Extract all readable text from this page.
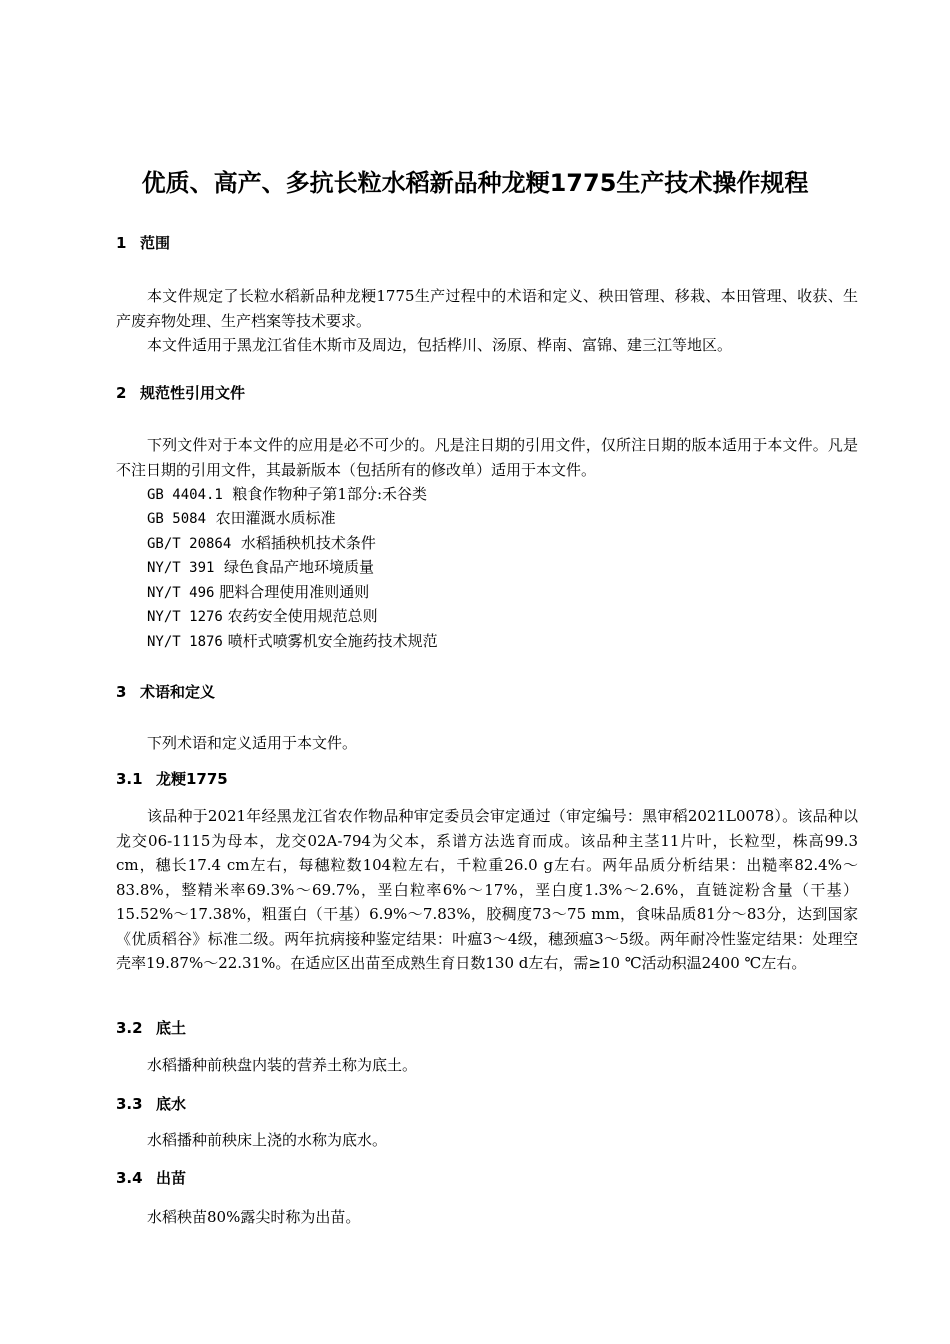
优质、高产、多抗长粒水稻新品种龙粳1775生产技术操作规程
1 范围

本文件规定了长粒水稻新品种龙粳1775生产过程中的术语和定义、秧田管理、移栽、本田管理、收获、生产废弃物处理、生产档案等技术要求。

本文件适用于黑龙江省佳木斯市及周边，包括桦川、汤原、桦南、富锦、建三江等地区。

2 规范性引用文件

下列文件对于本文件的应用是必不可少的。凡是注日期的引用文件，仅所注日期的版本适用于本文件。凡是不注日期的引用文件，其最新版本（包括所有的修改单）适用于本文件。

GB 4404.1 粮食作物种子第1部分:禾谷类
GB 5084 农田灌溉水质标准
GB/T 20864 水稻插秧机技术条件
NY/T 391 绿色食品产地环境质量
NY/T 496 肥料合理使用准则通则
NY/T 1276 农药安全使用规范总则
NY/T 1876 喷杆式喷雾机安全施药技术规范
3 术语和定义

下列术语和定义适用于本文件。

3.1 龙粳1775

该品种于2021年经黑龙江省农作物品种审定委员会审定通过（审定编号：黑审稻2021L0078）。该品种以龙交06-1115为母本，龙交02A-794为父本，系谱方法选育而成。该品种主茎11片叶，长粒型，株高99.3 cm，穗长17.4 cm左右，每穗粒数104粒左右，千粒重26.0 g左右。两年品质分析结果：出糙率82.4%～83.8%，整精米率69.3%～69.7%，垩白粒率6%～17%，垩白度1.3%～2.6%，直链淀粉含量（干基）15.52%～17.38%，粗蛋白（干基）6.9%～7.83%，胶稠度73～75 mm，食味品质81分～83分，达到国家《优质稻谷》标准二级。两年抗病接种鉴定结果：叶瘟3～4级，穗颈瘟3～5级。两年耐冷性鉴定结果：处理空壳率19.87%～22.31%。在适应区出苗至成熟生育日数130 d左右，需≥10 ℃活动积温2400 ℃左右。

3.2 底土

水稻播种前秧盘内装的营养土称为底土。

3.3 底水

水稻播种前秧床上浇的水称为底水。

3.4 出苗

水稻秧苗80%露尖时称为出苗。
